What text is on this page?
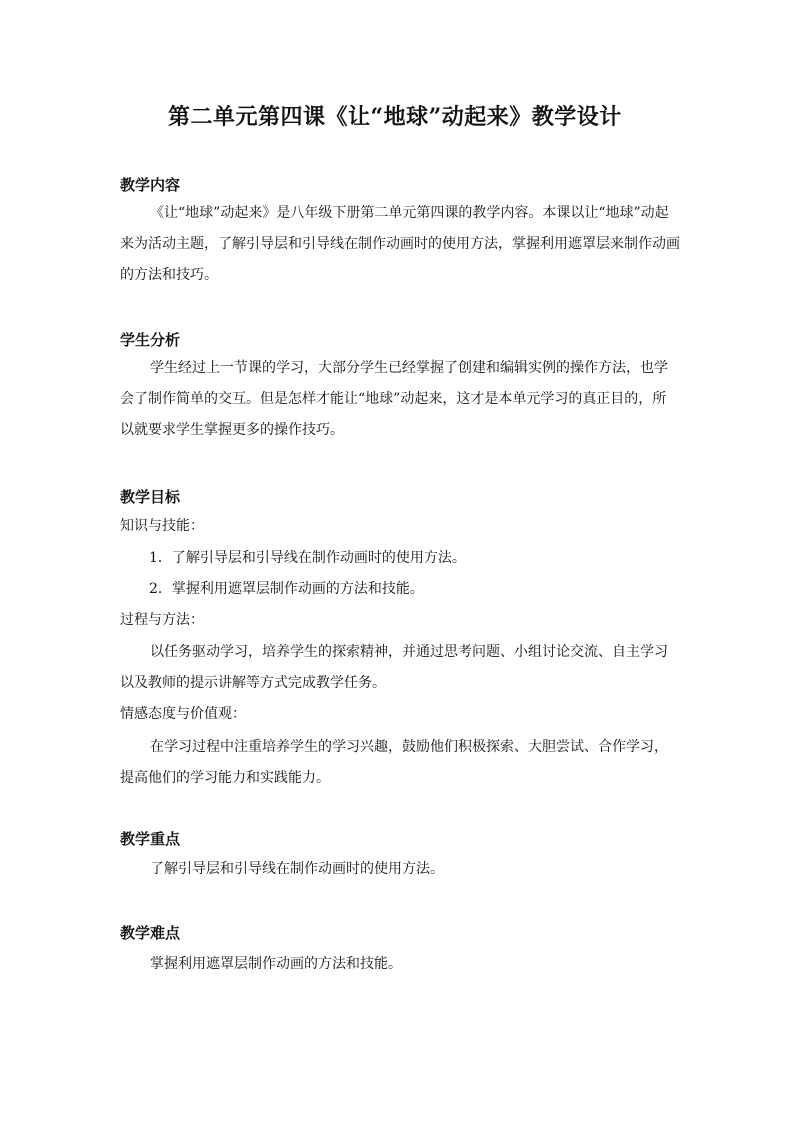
第二单元第四课《让“地球”动起来》教学设计
教学内容
《让“地球”动起来》是八年级下册第二单元第四课的教学内容。本课以让“地球”动起来为活动主题，了解引导层和引导线在制作动画时的使用方法，掌握利用遮罩层来制作动画的方法和技巧。
学生分析
学生经过上一节课的学习，大部分学生已经掌握了创建和编辑实例的操作方法，也学会了制作简单的交互。但是怎样才能让“地球”动起来，这才是本单元学习的真正目的，所以就要求学生掌握更多的操作技巧。
教学目标
知识与技能：
1．了解引导层和引导线在制作动画时的使用方法。
2．掌握利用遮罩层制作动画的方法和技能。
过程与方法：
以任务驱动学习，培养学生的探索精神，并通过思考问题、小组讨论交流、自主学习以及教师的提示讲解等方式完成教学任务。
情感态度与价值观：
在学习过程中注重培养学生的学习兴趣，鼓励他们积极探索、大胆尝试、合作学习，提高他们的学习能力和实践能力。
教学重点
了解引导层和引导线在制作动画时的使用方法。
教学难点
掌握利用遮罩层制作动画的方法和技能。
